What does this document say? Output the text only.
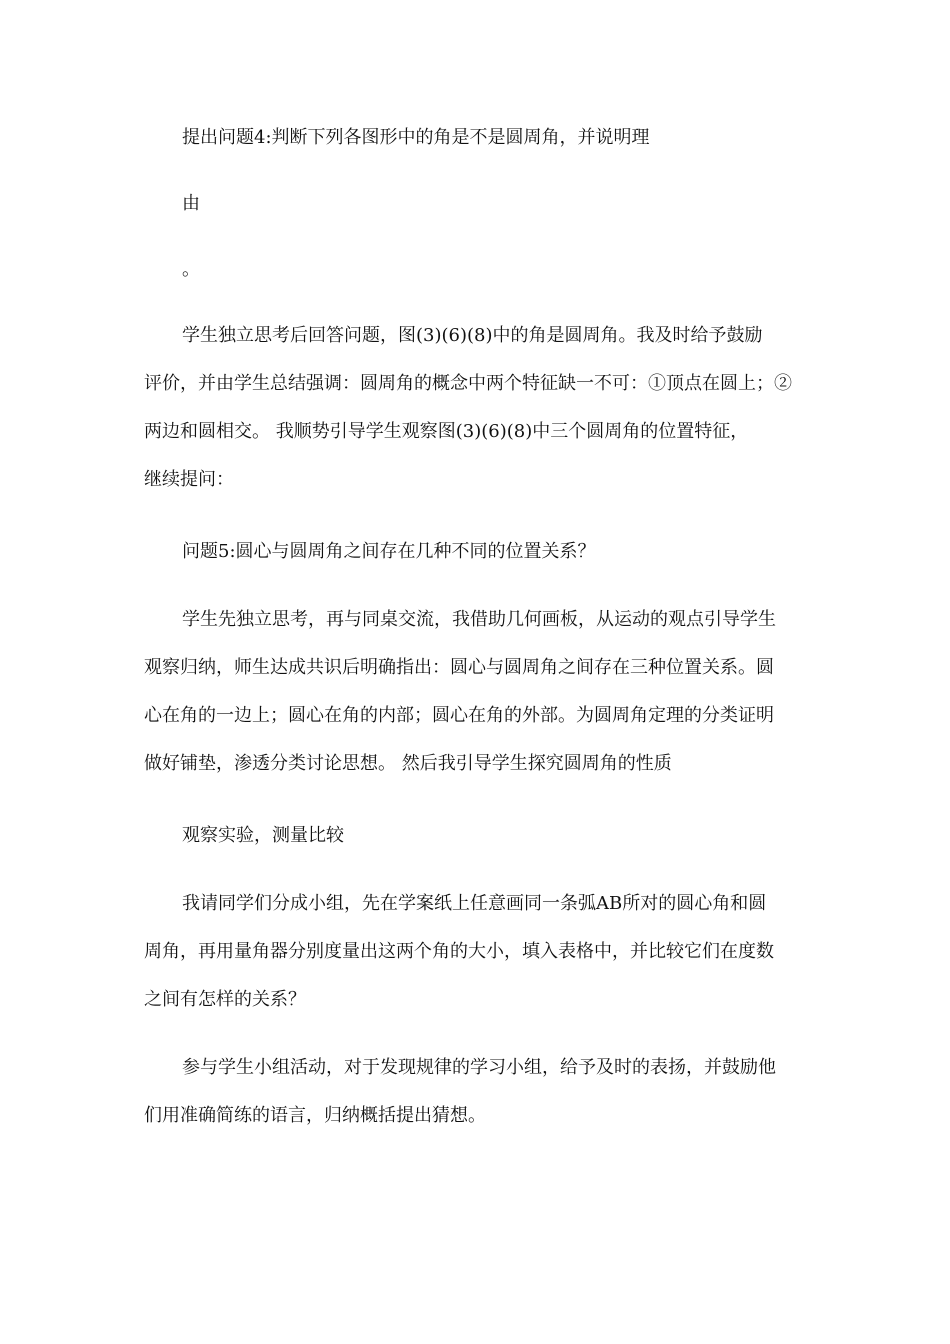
提出问题4:判断下列各图形中的角是不是圆周角，并说明理
由
。
学生独立思考后回答问题，图(3)(6)(8)中的角是圆周角。我及时给予鼓励
评价，并由学生总结强调：圆周角的概念中两个特征缺一不可：①顶点在圆上；②
两边和圆相交。 我顺势引导学生观察图(3)(6)(8)中三个圆周角的位置特征，
继续提问：
问题5:圆心与圆周角之间存在几种不同的位置关系？
学生先独立思考，再与同桌交流，我借助几何画板，从运动的观点引导学生
观察归纳，师生达成共识后明确指出：圆心与圆周角之间存在三种位置关系。圆
心在角的一边上；圆心在角的内部；圆心在角的外部。为圆周角定理的分类证明
做好铺垫，渗透分类讨论思想。 然后我引导学生探究圆周角的性质
观察实验，测量比较
我请同学们分成小组，先在学案纸上任意画同一条弧AB所对的圆心角和圆
周角，再用量角器分别度量出这两个角的大小，填入表格中，并比较它们在度数
之间有怎样的关系？
参与学生小组活动，对于发现规律的学习小组，给予及时的表扬，并鼓励他
们用准确简练的语言，归纳概括提出猜想。
